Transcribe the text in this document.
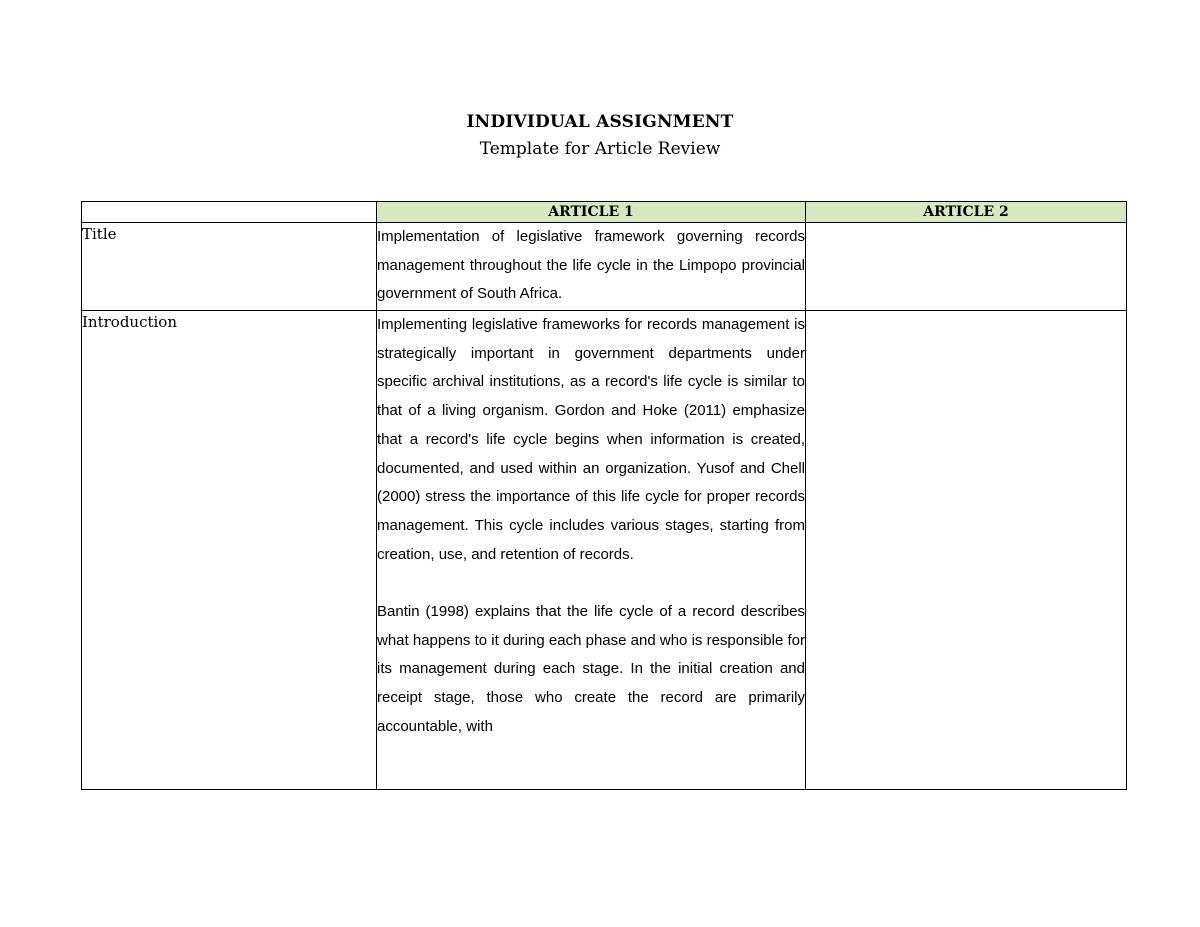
INDIVIDUAL ASSIGNMENT

Template for Article Review

	ARTICLE 1	ARTICLE 2
Title	Implementation of legislative framework governing records management throughout the life cycle in the Limpopo provincial government of South Africa.	

Introduction	Implementing legislative frameworks for records management is strategically important in government departments under specific archival institutions, as a record's life cycle is similar to that of a living organism. Gordon and Hoke (2011) emphasize that a record's life cycle begins when information is created, documented, and used within an organization. Yusof and Chell (2000) stress the importance of this life cycle for proper records management. This cycle includes various stages, starting from creation, use, and retention of records.

Bantin (1998) explains that the life cycle of a record describes what happens to it during each phase and who is responsible for its management during each stage. In the initial creation and receipt stage, those who create the record are primarily accountable, with	
